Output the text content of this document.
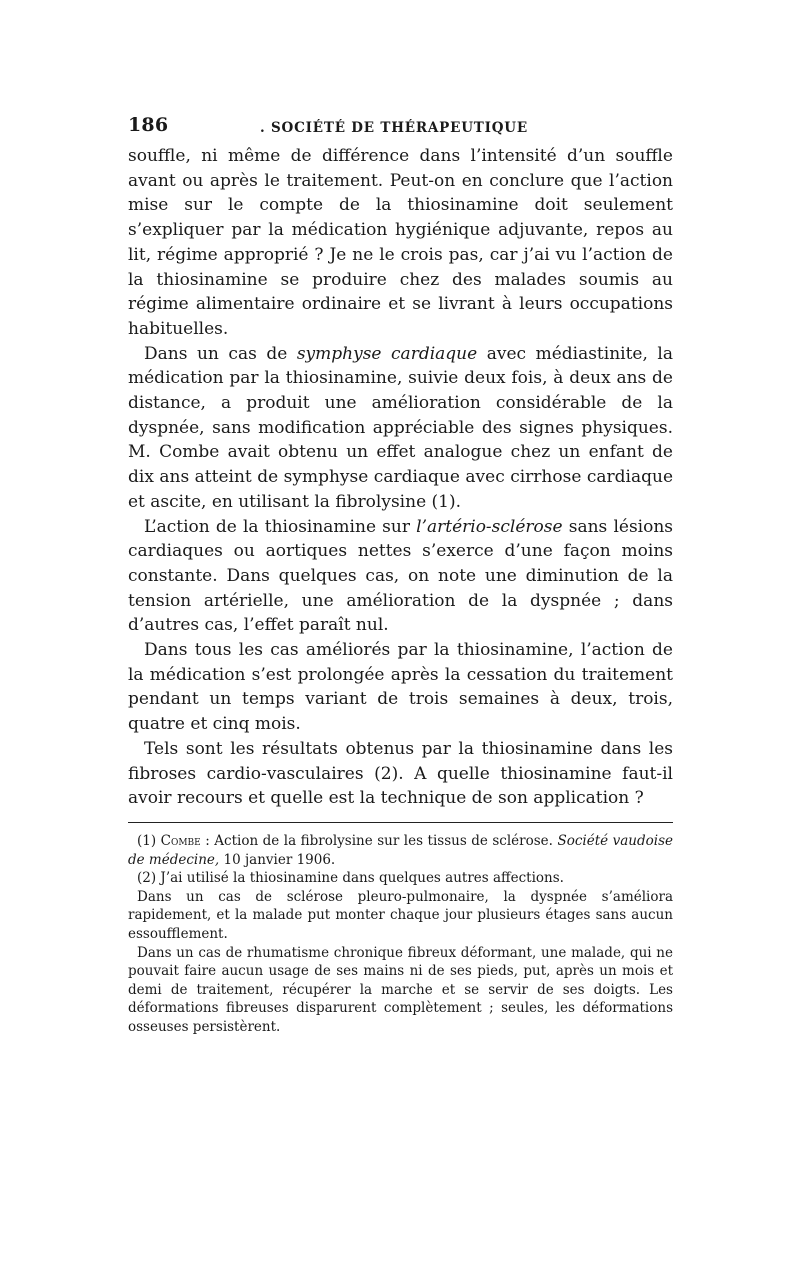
186	. SOCIÉTÉ DE THÉRAPEUTIQUE

souffle, ni même de différence dans l’intensité d’un souffle avant ou après le traitement. Peut-on en conclure que l’action mise sur le compte de la thiosinamine doit seulement s’expliquer par la médication hygiénique adjuvante, repos au lit, régime approprié ? Je ne le crois pas, car j’ai vu l’action de la thiosinamine se produire chez des malades soumis au régime alimentaire ordinaire et se livrant à leurs occupations habituelles.

Dans un cas de symphyse cardiaque avec médiastinite, la médication par la thiosinamine, suivie deux fois, à deux ans de distance, a produit une amélioration considérable de la dyspnée, sans modification appréciable des signes physiques. M. Combe avait obtenu un effet analogue chez un enfant de dix ans atteint de symphyse cardiaque avec cirrhose cardiaque et ascite, en utilisant la fibrolysine (1).

L’action de la thiosinamine sur l’artério-sclérose sans lésions cardiaques ou aortiques nettes s’exerce d’une façon moins constante. Dans quelques cas, on note une diminution de la tension artérielle, une amélioration de la dyspnée ; dans d’autres cas, l’effet paraît nul.

Dans tous les cas améliorés par la thiosinamine, l’action de la médication s’est prolongée après la cessation du traitement pendant un temps variant de trois semaines à deux, trois, quatre et cinq mois.

Tels sont les résultats obtenus par la thiosinamine dans les fibroses cardio-vasculaires (2). A quelle thiosinamine faut-il avoir recours et quelle est la technique de son application ?

(1) Combe : Action de la fibrolysine sur les tissus de sclérose. Société vaudoise de médecine, 10 janvier 1906.

(2) J’ai utilisé la thiosinamine dans quelques autres affections.

Dans un cas de sclérose pleuro-pulmonaire, la dyspnée s’améliora rapidement, et la malade put monter chaque jour plusieurs étages sans aucun essoufflement.

Dans un cas de rhumatisme chronique fibreux déformant, une malade, qui ne pouvait faire aucun usage de ses mains ni de ses pieds, put, après un mois et demi de traitement, récupérer la marche et se servir de ses doigts. Les déformations fibreuses disparurent complètement ; seules, les déformations osseuses persistèrent.
